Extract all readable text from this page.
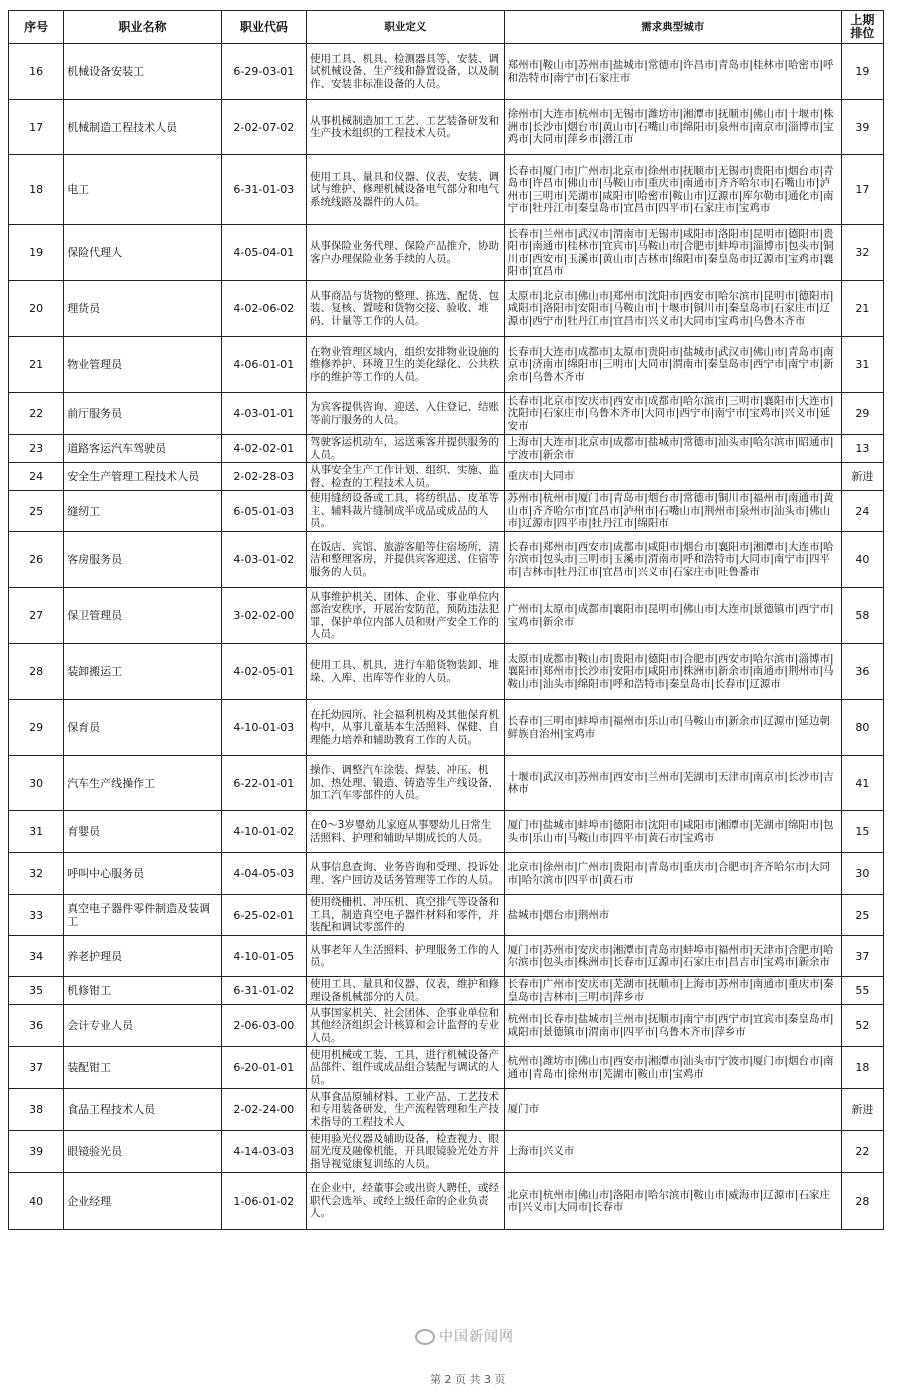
序号	职业名称	职业代码	职业定义	需求典型城市	上期排位
16	机械设备安装工	6-29-03-01	使用工具、机具、检测器具等，安装、调试机械设备、生产线和静置设备，以及制作、安装非标准设备的人员。	郑州市|鞍山市|苏州市|盐城市|常德市|许昌市|青岛市|桂林市|哈密市|呼和浩特市|南宁市|石家庄市	19
17	机械制造工程技术人员	2-02-07-02	从事机械制造加工工艺、工艺装备研发和生产技术组织的工程技术人员。	徐州市|大连市|杭州市|无锡市|潍坊市|湘潭市|抚顺市|佛山市|十堰市|株洲市|长沙市|烟台市|黄山市|石嘴山市|绵阳市|泉州市|南京市|淄博市|宝鸡市|大同市|萍乡市|潜江市	39
18	电工	6-31-01-03	使用工具、量具和仪器、仪表，安装、调试与维护、修理机械设备电气部分和电气系统线路及器件的人员。	长春市|厦门市|广州市|北京市|徐州市|抚顺市|无锡市|贵阳市|烟台市|青岛市|许昌市|佛山市|马鞍山市|重庆市|南通市|齐齐哈尔市|石嘴山市|泸州市|三明市|芜湖市|咸阳市|哈密市|鞍山市|辽源市|库尔勒市|通化市|南宁市|牡丹江市|秦皇岛市|宜昌市|四平市|石家庄市|宝鸡市	17
19	保险代理人	4-05-04-01	从事保险业务代理、保险产品推介，协助客户办理保险业务手续的人员。	长春市|兰州市|武汉市|渭南市|无锡市|咸阳市|洛阳市|昆明市|德阳市|贵阳市|南通市|桂林市|宜宾市|马鞍山市|合肥市|蚌埠市|淄博市|包头市|铜川市|西安市|玉溪市|黄山市|吉林市|绵阳市|秦皇岛市|辽源市|宝鸡市|襄阳市|宜昌市	32
20	理货员	4-02-06-02	从事商品与货物的整理、拣选、配货、包装、复核、置唛和货物交接、验收、堆码、计量等工作的人员。	太原市|北京市|佛山市|郑州市|沈阳市|西安市|哈尔滨市|昆明市|德阳市|咸阳市|洛阳市|安阳市|马鞍山市|十堰市|铜川市|秦皇岛市|石家庄市|辽源市|西宁市|牡丹江市|宜昌市|兴义市|大同市|宝鸡市|乌鲁木齐市	21
21	物业管理员	4-06-01-01	在物业管理区域内，组织安排物业设施的维修养护、环境卫生的美化绿化、公共秩序的维护等工作的人员。	长春市|大连市|成都市|太原市|贵阳市|盐城市|武汉市|佛山市|青岛市|南京市|济南市|绵阳市|三明市|大同市|渭南市|秦皇岛市|西宁市|南宁市|新余市|乌鲁木齐市	31
22	前厅服务员	4-03-01-01	为宾客提供咨询、迎送、入住登记、结账等前厅服务的人员。	长春市|北京市|安庆市|西安市|成都市|哈尔滨市|三明市|襄阳市|大连市|沈阳市|石家庄市|乌鲁木齐市|大同市|西宁市|南宁市|宝鸡市|兴义市|延安市	29
23	道路客运汽车驾驶员	4-02-02-01	驾驶客运机动车，运送乘客并提供服务的人员。	上海市|大连市|北京市|成都市|盐城市|常德市|汕头市|哈尔滨市|昭通市|宁波市|新余市	13
24	安全生产管理工程技术人员	2-02-28-03	从事安全生产工作计划、组织、实施、监督、检查的工程技术人员。	重庆市|大同市	新进
25	缝纫工	6-05-01-03	使用缝纫设备或工具，将纺织品、皮革等主、辅料裁片缝制成半成品或成品的人员。	苏州市|杭州市|厦门市|青岛市|烟台市|常德市|铜川市|福州市|南通市|黄山市|齐齐哈尔市|宜昌市|泸州市|石嘴山市|荆州市|泉州市|汕头市|佛山市|辽源市|四平市|牡丹江市|绵阳市	24
26	客房服务员	4-03-01-02	在饭店、宾馆、旅游客船等住宿场所，清洁和整理客房，并提供宾客迎送、住宿等服务的人员。	长春市|郑州市|西安市|成都市|咸阳市|烟台市|襄阳市|湘潭市|大连市|哈尔滨市|包头市|三明市|玉溪市|渭南市|呼和浩特市|大同市|南宁市|四平市|吉林市|牡丹江市|宜昌市|兴义市|石家庄市|吐鲁番市	40
27	保卫管理员	3-02-02-00	从事维护机关、团体、企业、事业单位内部治安秩序，开展治安防范，预防违法犯罪，保护单位内部人员和财产安全工作的人员。	广州市|太原市|成都市|襄阳市|昆明市|佛山市|大连市|景德镇市|西宁市|宝鸡市|新余市	58
28	装卸搬运工	4-02-05-01	使用工具、机具，进行车船货物装卸、堆垛、入库、出库等作业的人员。	太原市|成都市|鞍山市|贵阳市|德阳市|合肥市|西安市|哈尔滨市|淄博市|襄阳市|郑州市|长沙市|安阳市|咸阳市|株洲市|新余市|南通市|荆州市|马鞍山市|汕头市|绵阳市|呼和浩特市|秦皇岛市|长春市|辽源市	36
29	保育员	4-10-01-03	在托幼园所、社会福利机构及其他保育机构中，从事儿童基本生活照料、保健、自理能力培养和辅助教育工作的人员。	长春市|三明市|蚌埠市|福州市|乐山市|马鞍山市|新余市|辽源市|延边朝鲜族自治州|宝鸡市	80
30	汽车生产线操作工	6-22-01-01	操作、调整汽车涂装、焊装、冲压、机加、热处理、锻造、铸造等生产线设备，加工汽车零部件的人员。	十堰市|武汉市|苏州市|西安市|兰州市|芜湖市|天津市|南京市|长沙市|吉林市	41
31	育婴员	4-10-01-02	在0～3岁婴幼儿家庭从事婴幼儿日常生活照料、护理和辅助早期成长的人员。	厦门市|盐城市|蚌埠市|德阳市|沈阳市|咸阳市|湘潭市|芜湖市|绵阳市|包头市|乐山市|马鞍山市|四平市|黄石市|宝鸡市	15
32	呼叫中心服务员	4-04-05-03	从事信息查询、业务咨询和受理、投诉处理、客户回访及话务管理等工作的人员。	北京市|徐州市|广州市|贵阳市|青岛市|重庆市|合肥市|齐齐哈尔市|大同市|哈尔滨市|四平市|黄石市	30
33	真空电子器件零件制造及装调工	6-25-02-01	使用绕栅机、冲压机、真空排气等设备和工具，制造真空电子器件材料和零件，并装配和调试零部件的	盐城市|烟台市|荆州市	25
34	养老护理员	4-10-01-05	从事老年人生活照料、护理服务工作的人员。	厦门市|苏州市|安庆市|湘潭市|青岛市|蚌埠市|福州市|天津市|合肥市|哈尔滨市|包头市|株洲市|长春市|辽源市|石家庄市|昌吉市|宝鸡市|新余市	37
35	机修钳工	6-31-01-02	使用工具、量具和仪器、仪表，维护和修理设备机械部分的人员。	长春市|广州市|安庆市|芜湖市|抚顺市|上海市|苏州市|南通市|重庆市|秦皇岛市|吉林市|三明市|萍乡市	55
36	会计专业人员	2-06-03-00	从事国家机关、社会团体、企事业单位和其他经济组织会计核算和会计监督的专业人员。	杭州市|长春市|盐城市|兰州市|抚顺市|南宁市|西宁市|宜宾市|秦皇岛市|咸阳市|景德镇市|渭南市|四平市|乌鲁木齐市|萍乡市	52
37	装配钳工	6-20-01-01	使用机械或工装、工具，进行机械设备产品部件、组件或成品组合装配与调试的人员。	杭州市|潍坊市|佛山市|西安市|湘潭市|汕头市|宁波市|厦门市|烟台市|南通市|青岛市|徐州市|芜湖市|鞍山市|宝鸡市	18
38	食品工程技术人员	2-02-24-00	从事食品原辅材料、工业产品、工艺技术和专用装备研发，生产流程管理和生产技术指导的工程技术人	厦门市	新进
39	眼镜验光员	4-14-03-03	使用验光仪器及辅助设备，检查视力、眼屈光度及融像机能，开具眼镜验光处方并指导视觉康复训练的人员。	上海市|兴义市	22
40	企业经理	1-06-01-02	在企业中，经董事会或出资人聘任，或经职代会选举、或经上级任命的企业负责人。	北京市|杭州市|佛山市|洛阳市|哈尔滨市|鞍山市|威海市|辽源市|石家庄市|兴义市|大同市|长春市	28
中国新闻网
第 2 页 共 3 页
